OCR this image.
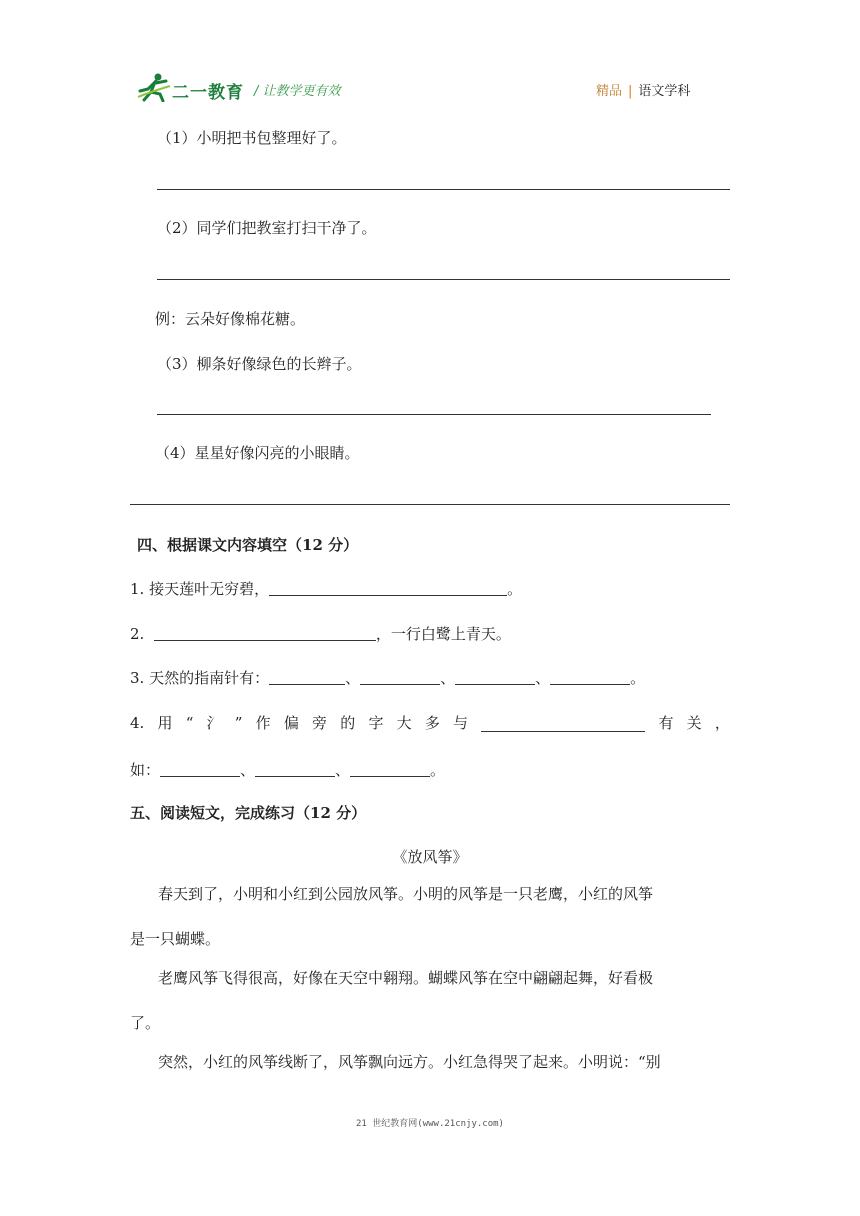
二一教育 / 让教学更有效	精品 | 语文学科
（1）小明把书包整理好了。
（2）同学们把教室打扫干净了。
例：云朵好像棉花糖。
（3）柳条好像绿色的长辫子。
（4）星星好像闪亮的小眼睛。
四、根据课文内容填空（12 分）
1. 接天莲叶无穷碧，	。
2.	，一行白鹭上青天。
3. 天然的指南针有：	、	、	、	。
4. 用 “ 氵 ” 作 偏 旁 的 字 大 多 与	有 关 ，
如：	、	、	。
五、阅读短文，完成练习（12 分）
《放风筝》
春天到了，小明和小红到公园放风筝。小明的风筝是一只老鹰，小红的风筝
是一只蝴蝶。
老鹰风筝飞得很高，好像在天空中翱翔。蝴蝶风筝在空中翩翩起舞，好看极
了。
突然，小红的风筝线断了，风筝飘向远方。小红急得哭了起来。小明说：“别
21 世纪教育网(www.21cnjy.com)
